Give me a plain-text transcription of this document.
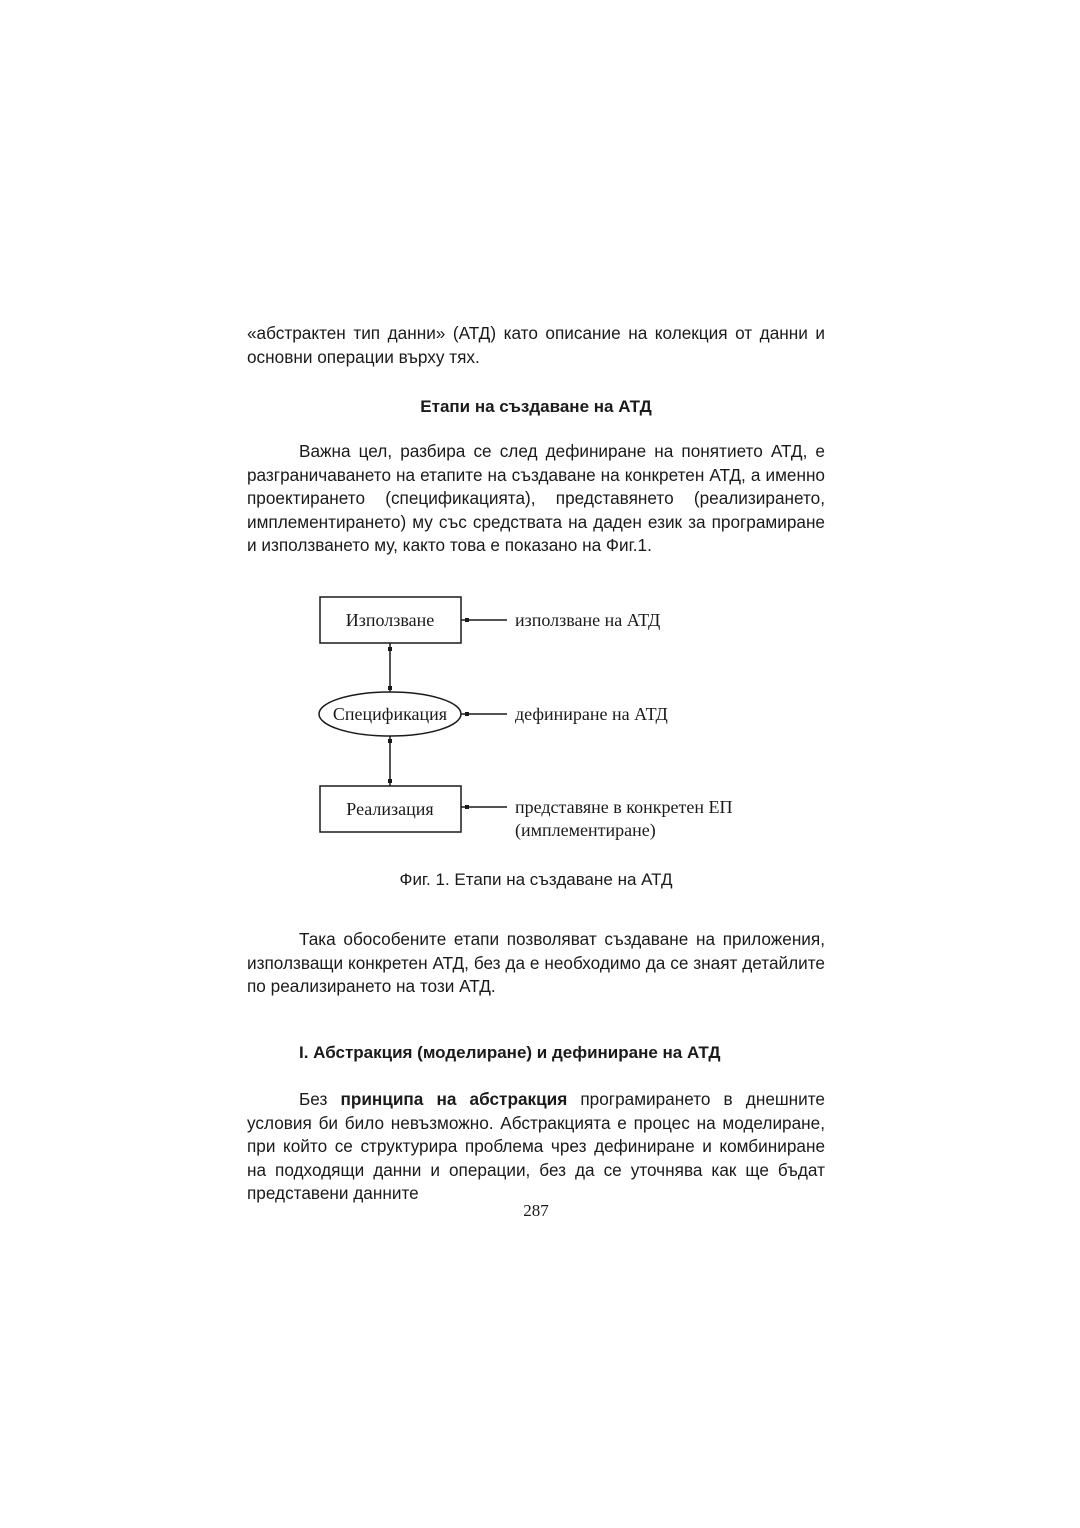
«абстрактен тип данни» (АТД) като описание на колекция от данни и основни операции върху тях.

Етапи на създаване на АТД

Важна цел, разбира се след дефиниране на понятието АТД, е разграничаването на етапите на създаване на конкретен АТД, а именно проектирането (спецификацията), представянето (реализирането, имплементирането) му със средствата на даден език за програмиране и използването му, както това е показано на Фиг.1.

Използване
Спецификация
Реализация
използване на АТД
дефиниране на АТД
представяне в конкретен ЕП
(имплементиране)

Фиг. 1. Етапи на създаване на АТД

Така обособените етапи позволяват създаване на приложения, използващи конкретен АТД, без да е необходимо да се знаят детайлите по реализирането на този АТД.

I. Абстракция (моделиране) и дефиниране на АТД

Без принципа на абстракция програмирането в днешните условия би било невъзможно. Абстракцията е процес на моделиране, при който се структурира проблема чрез дефиниране и комбиниране на подходящи данни и операции, без да се уточнява как ще бъдат представени данните

287
